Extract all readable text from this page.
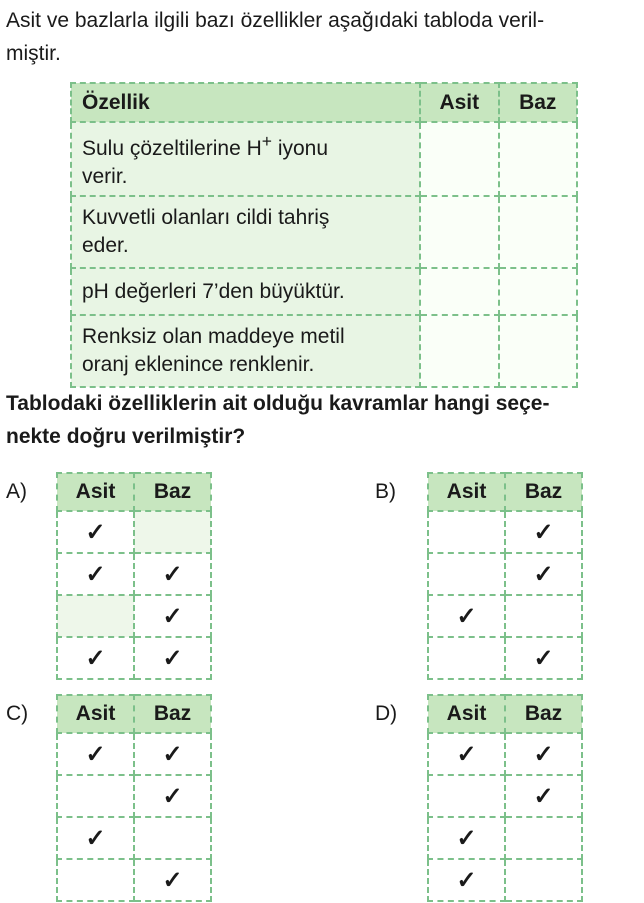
Asit ve bazlarla ilgili bazı özellikler aşağıdaki tabloda veril-
miştir.

Özellik	Asit	Baz
Sulu çözeltilerine H+ iyonu
verir.		
Kuvvetli olanları cildi tahriş
eder.		
pH değerleri 7’den büyüktür.		
Renksiz olan maddeye metil
oranj eklenince renklenir.		

Tablodaki özelliklerin ait olduğu kavramlar hangi seçe-
nekte doğru verilmiştir?

A) Asit	Baz
✓	
✓	✓
	✓
✓	✓
B) Asit	Baz
	✓
	✓
✓	
	✓
C) Asit	Baz
✓	✓
	✓
✓	
	✓
D) Asit	Baz
✓	✓
	✓
✓	
✓	
